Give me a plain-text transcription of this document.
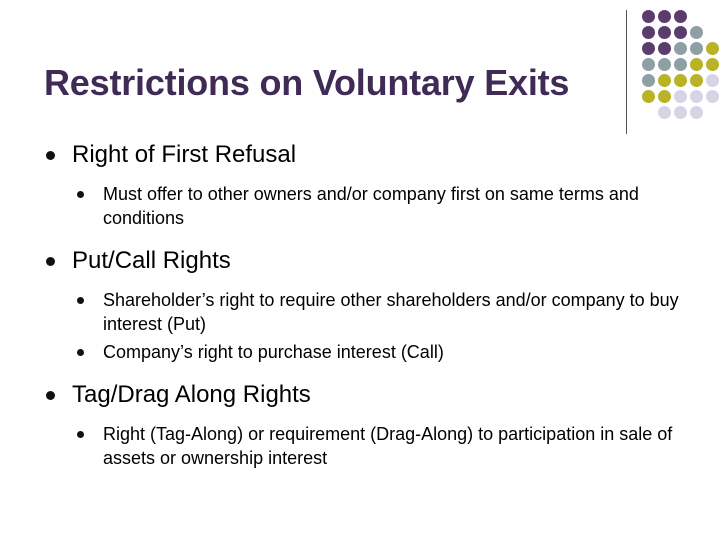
Restrictions on Voluntary Exits
Right of First Refusal
Must offer to other owners and/or company first on same terms and conditions
Put/Call Rights
Shareholder’s right to require other shareholders and/or company to buy interest (Put)
Company’s right to purchase interest (Call)
Tag/Drag Along Rights
Right (Tag-Along) or requirement (Drag-Along) to participation in sale of assets or ownership interest
